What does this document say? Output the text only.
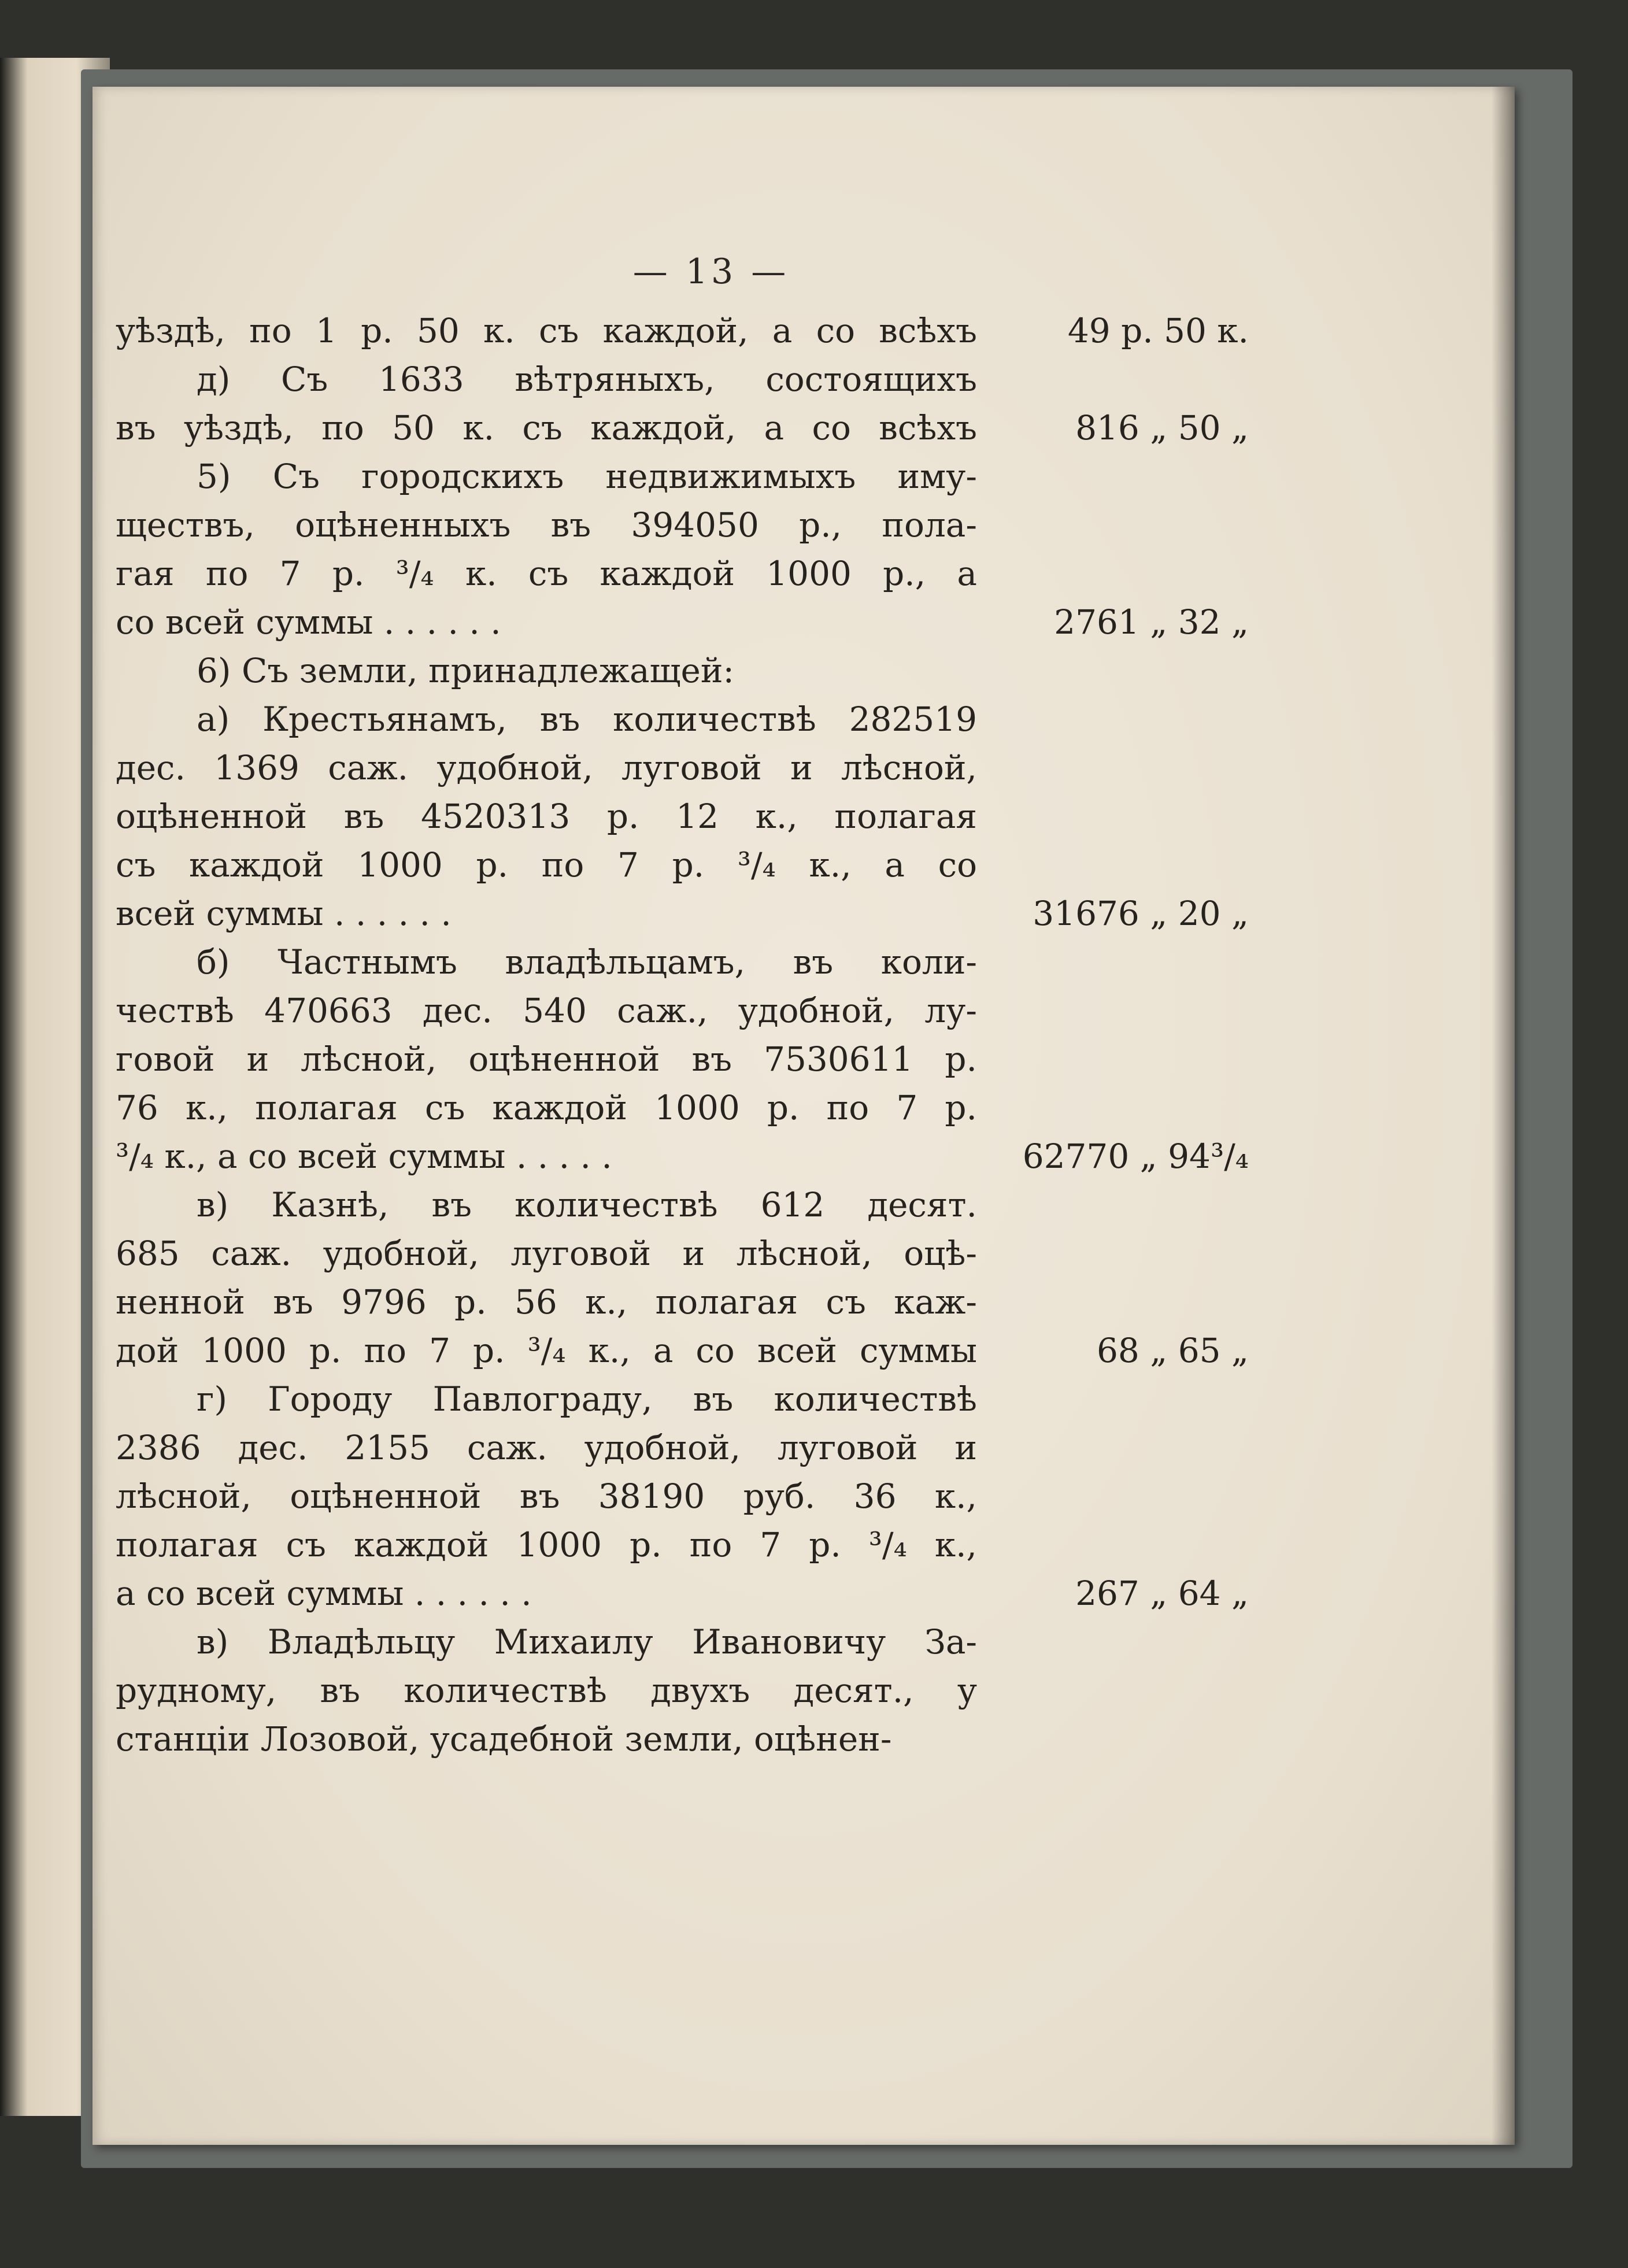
— 13 —
уѣздѣ, по 1 р. 50 к. съ каждой, а со всѣхъ
д) Съ 1633 вѣтряныхъ, состоящихъ
въ уѣздѣ, по 50 к. съ каждой, а со всѣхъ
5) Съ городскихъ недвижимыхъ иму-
ществъ, оцѣненныхъ въ 394050 р., пола-
гая по 7 р. ³/₄ к. съ каждой 1000 р., а
со всей суммы . . . . . .
6) Съ земли, принадлежащей:
а) Крестьянамъ, въ количествѣ 282519
дес. 1369 саж. удобной, луговой и лѣсной,
оцѣненной въ 4520313 р. 12 к., полагая
съ каждой 1000 р. по 7 р. ³/₄ к., а со
всей суммы . . . . . .
б) Частнымъ владѣльцамъ, въ коли-
чествѣ 470663 дес. 540 саж., удобной, лу-
говой и лѣсной, оцѣненной въ 7530611 р.
76 к., полагая съ каждой 1000 р. по 7 р.
³/₄ к., а со всей суммы . . . . .
в) Казнѣ, въ количествѣ 612 десят.
685 саж. удобной, луговой и лѣсной, оцѣ-
ненной въ 9796 р. 56 к., полагая съ каж-
дой 1000 р. по 7 р. ³/₄ к., а со всей суммы
г) Городу Павлограду, въ количествѣ
2386 дес. 2155 саж. удобной, луговой и
лѣсной, оцѣненной въ 38190 руб. 36 к.,
полагая съ каждой 1000 р. по 7 р. ³/₄ к.,
а со всей суммы . . . . . .
в) Владѣльцу Михаилу Ивановичу За-
рудному, въ количествѣ двухъ десят., у
станціи Лозовой, усадебной земли, оцѣнен-
49 р. 50 к.
816 „ 50 „
2761 „ 32 „
31676 „ 20 „
62770 „ 94³/₄
68 „ 65 „
267 „ 64 „
